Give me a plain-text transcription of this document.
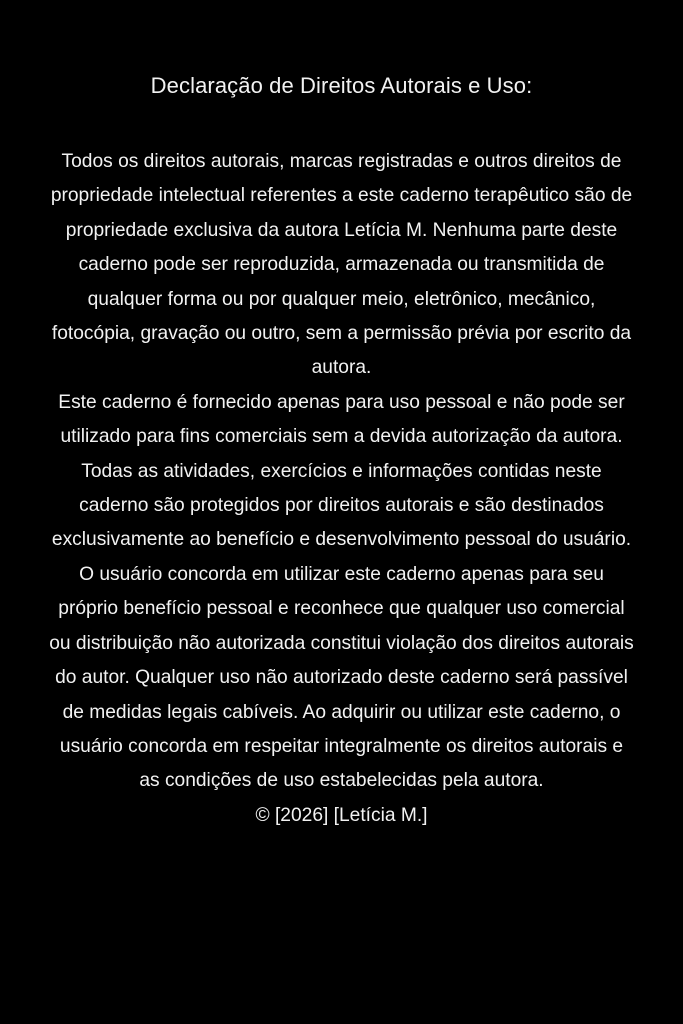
Declaração de Direitos Autorais e Uso:

Todos os direitos autorais, marcas registradas e outros direitos de propriedade intelectual referentes a este caderno terapêutico são de propriedade exclusiva da autora Letícia M. Nenhuma parte deste caderno pode ser reproduzida, armazenada ou transmitida de qualquer forma ou por qualquer meio, eletrônico, mecânico, fotocópia, gravação ou outro, sem a permissão prévia por escrito da autora.

Este caderno é fornecido apenas para uso pessoal e não pode ser utilizado para fins comerciais sem a devida autorização da autora. Todas as atividades, exercícios e informações contidas neste caderno são protegidos por direitos autorais e são destinados exclusivamente ao benefício e desenvolvimento pessoal do usuário.

O usuário concorda em utilizar este caderno apenas para seu próprio benefício pessoal e reconhece que qualquer uso comercial ou distribuição não autorizada constitui violação dos direitos autorais do autor. Qualquer uso não autorizado deste caderno será passível de medidas legais cabíveis. Ao adquirir ou utilizar este caderno, o usuário concorda em respeitar integralmente os direitos autorais e as condições de uso estabelecidas pela autora.

© [2026] [Letícia M.]
